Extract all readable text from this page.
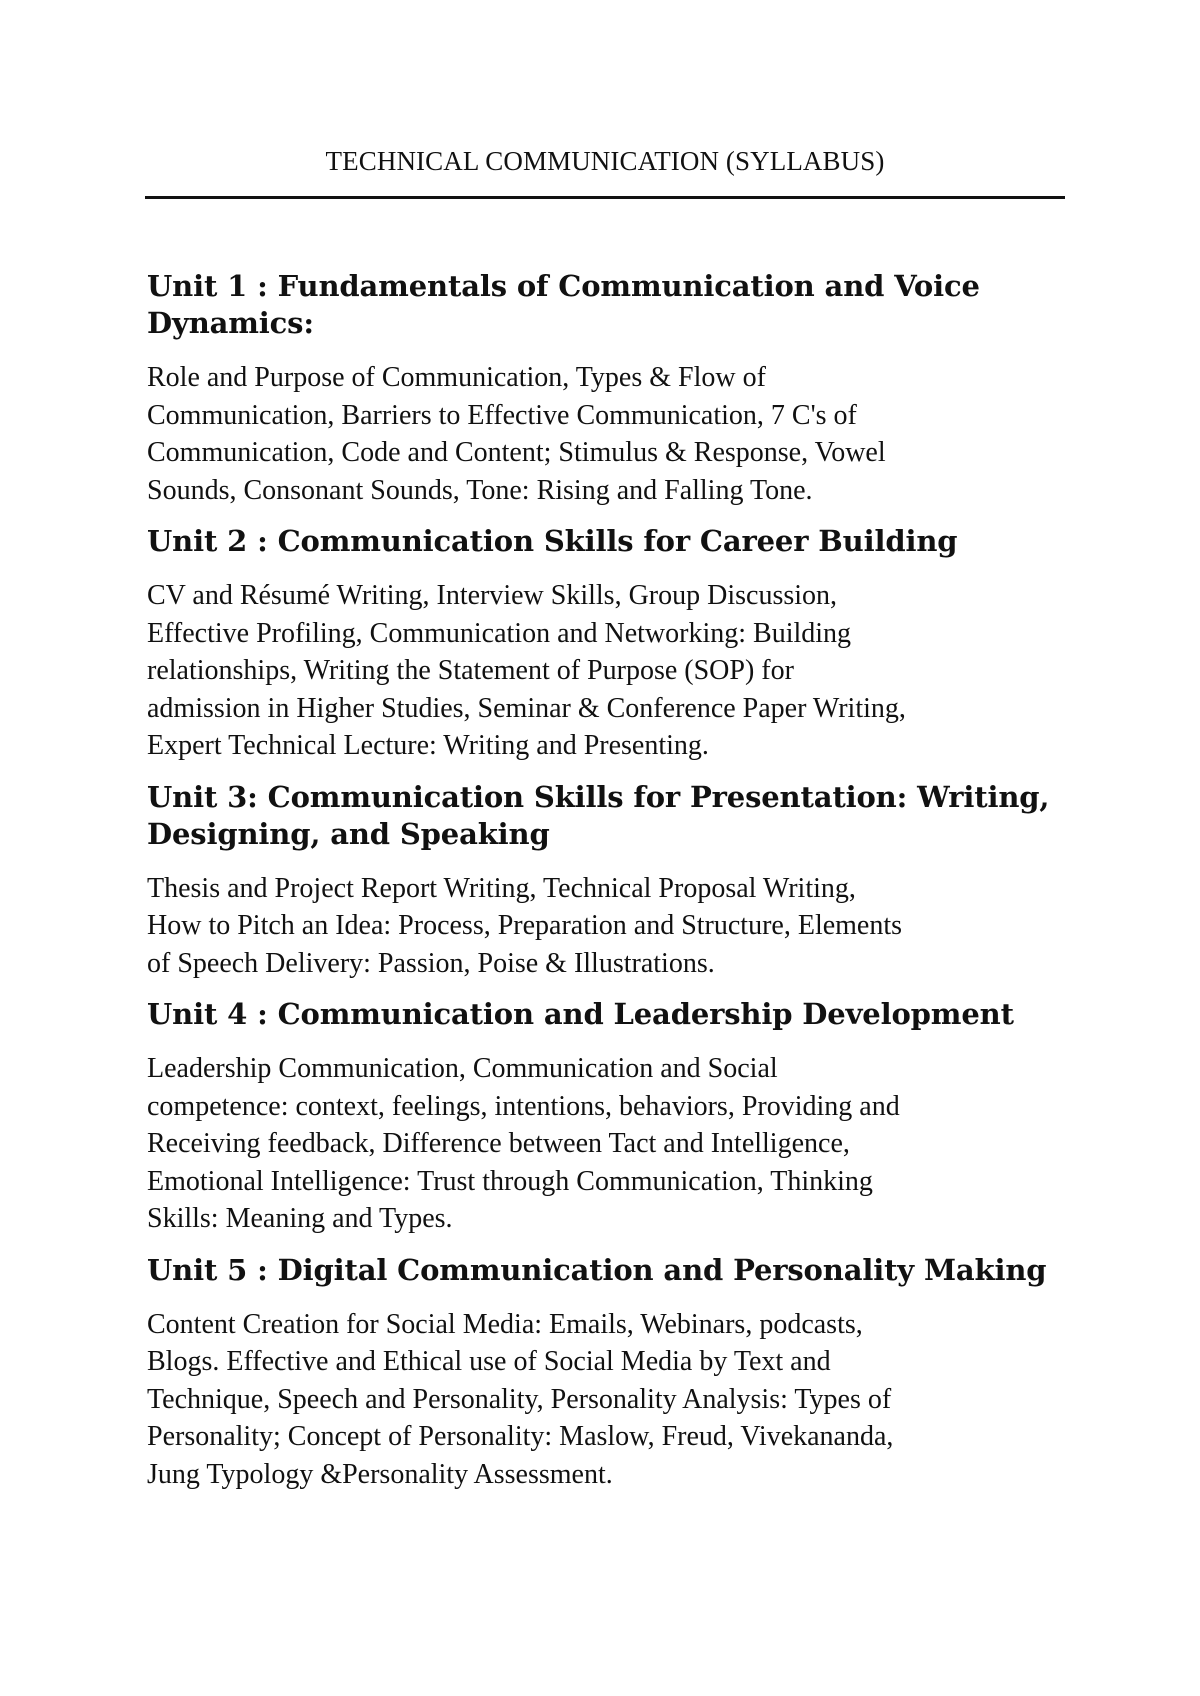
TECHNICAL COMMUNICATION (SYLLABUS)
Unit 1 : Fundamentals of Communication and Voice
Dynamics:

Role and Purpose of Communication, Types & Flow of
Communication, Barriers to Effective Communication, 7 C's of
Communication, Code and Content; Stimulus & Response, Vowel
Sounds, Consonant Sounds, Tone: Rising and Falling Tone.

Unit 2 : Communication Skills for Career Building

CV and Résumé Writing, Interview Skills, Group Discussion,
Effective Profiling, Communication and Networking: Building
relationships, Writing the Statement of Purpose (SOP) for
admission in Higher Studies, Seminar & Conference Paper Writing,
Expert Technical Lecture: Writing and Presenting.

Unit 3: Communication Skills for Presentation: Writing,
Designing, and Speaking

Thesis and Project Report Writing, Technical Proposal Writing,
How to Pitch an Idea: Process, Preparation and Structure, Elements
of Speech Delivery: Passion, Poise & Illustrations.

Unit 4 : Communication and Leadership Development

Leadership Communication, Communication and Social
competence: context, feelings, intentions, behaviors, Providing and
Receiving feedback, Difference between Tact and Intelligence,
Emotional Intelligence: Trust through Communication, Thinking
Skills: Meaning and Types.

Unit 5 : Digital Communication and Personality Making

Content Creation for Social Media: Emails, Webinars, podcasts,
Blogs. Effective and Ethical use of Social Media by Text and
Technique, Speech and Personality, Personality Analysis: Types of
Personality; Concept of Personality: Maslow, Freud, Vivekananda,
Jung Typology &Personality Assessment.
